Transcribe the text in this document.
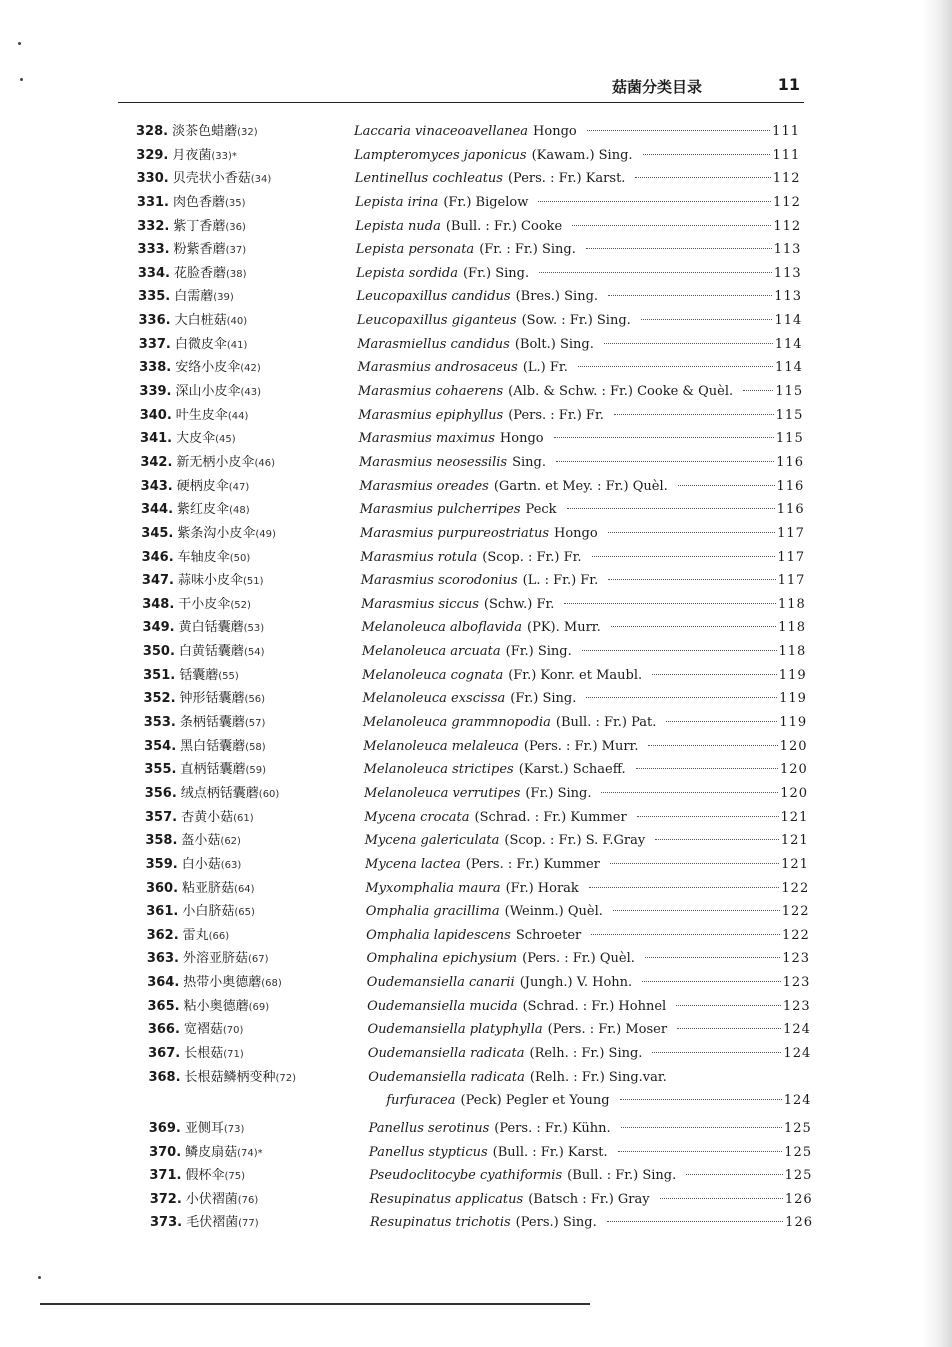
菇菌分类目录	11
328. 淡茶色蜡蘑(32)	Laccaria vinaceoavellanea Hongo	111
329. 月夜菌(33)*	Lampteromyces japonicus (Kawam.) Sing.	111
330. 贝壳状小香菇(34)	Lentinellus cochleatus (Pers. : Fr.) Karst.	112
331. 肉色香蘑(35)	Lepista irina (Fr.) Bigelow	112
332. 紫丁香蘑(36)	Lepista nuda (Bull. : Fr.) Cooke	112
333. 粉紫香蘑(37)	Lepista personata (Fr. : Fr.) Sing.	113
334. 花脸香蘑(38)	Lepista sordida (Fr.) Sing.	113
335. 白需蘑(39)	Leucopaxillus candidus (Bres.) Sing.	113
336. 大白桩菇(40)	Leucopaxillus giganteus (Sow. : Fr.) Sing.	114
337. 白微皮伞(41)	Marasmiellus candidus (Bolt.) Sing.	114
338. 安络小皮伞(42)	Marasmius androsaceus (L.) Fr.	114
339. 深山小皮伞(43)	Marasmius cohaerens (Alb. & Schw. : Fr.) Cooke & Quèl.	115
340. 叶生皮伞(44)	Marasmius epiphyllus (Pers. : Fr.) Fr.	115
341. 大皮伞(45)	Marasmius maximus Hongo	115
342. 新无柄小皮伞(46)	Marasmius neosessilis Sing.	116
343. 硬柄皮伞(47)	Marasmius oreades (Gartn. et Mey. : Fr.) Quèl.	116
344. 紫红皮伞(48)	Marasmius pulcherripes Peck	116
345. 紫条沟小皮伞(49)	Marasmius purpureostriatus Hongo	117
346. 车轴皮伞(50)	Marasmius rotula (Scop. : Fr.) Fr.	117
347. 蒜味小皮伞(51)	Marasmius scorodonius (L. : Fr.) Fr.	117
348. 干小皮伞(52)	Marasmius siccus (Schw.) Fr.	118
349. 黄白铦囊蘑(53)	Melanoleuca alboflavida (PK). Murr.	118
350. 白黄铦囊蘑(54)	Melanoleuca arcuata (Fr.) Sing.	118
351. 铦囊蘑(55)	Melanoleuca cognata (Fr.) Konr. et Maubl.	119
352. 钟形铦囊蘑(56)	Melanoleuca exscissa (Fr.) Sing.	119
353. 条柄铦囊蘑(57)	Melanoleuca grammnopodia (Bull. : Fr.) Pat.	119
354. 黑白铦囊蘑(58)	Melanoleuca melaleuca (Pers. : Fr.) Murr.	120
355. 直柄铦囊蘑(59)	Melanoleuca strictipes (Karst.) Schaeff.	120
356. 绒点柄铦囊蘑(60)	Melanoleuca verrutipes (Fr.) Sing.	120
357. 杏黄小菇(61)	Mycena crocata (Schrad. : Fr.) Kummer	121
358. 盔小菇(62)	Mycena galericulata (Scop. : Fr.) S. F.Gray	121
359. 白小菇(63)	Mycena lactea (Pers. : Fr.) Kummer	121
360. 粘亚脐菇(64)	Myxomphalia maura (Fr.) Horak	122
361. 小白脐菇(65)	Omphalia gracillima (Weinm.) Quèl.	122
362. 雷丸(66)	Omphalia lapidescens Schroeter	122
363. 外溶亚脐菇(67)	Omphalina epichysium (Pers. : Fr.) Quèl.	123
364. 热带小奥德蘑(68)	Oudemansiella canarii (Jungh.) V. Hohn.	123
365. 粘小奥德蘑(69)	Oudemansiella mucida (Schrad. : Fr.) Hohnel	123
366. 宽褶菇(70)	Oudemansiella platyphylla (Pers. : Fr.) Moser	124
367. 长根菇(71)	Oudemansiella radicata (Relh. : Fr.) Sing.	124
368. 长根菇鳞柄变种(72)	Oudemansiella radicata (Relh. : Fr.) Sing.var.
furfuracea (Peck) Pegler et Young	124
369. 亚侧耳(73)	Panellus serotinus (Pers. : Fr.) Kühn.	125
370. 鳞皮扇菇(74)*	Panellus stypticus (Bull. : Fr.) Karst.	125
371. 假杯伞(75)	Pseudoclitocybe cyathiformis (Bull. : Fr.) Sing.	125
372. 小伏褶菌(76)	Resupinatus applicatus (Batsch : Fr.) Gray	126
373. 毛伏褶菌(77)	Resupinatus trichotis (Pers.) Sing.	126
